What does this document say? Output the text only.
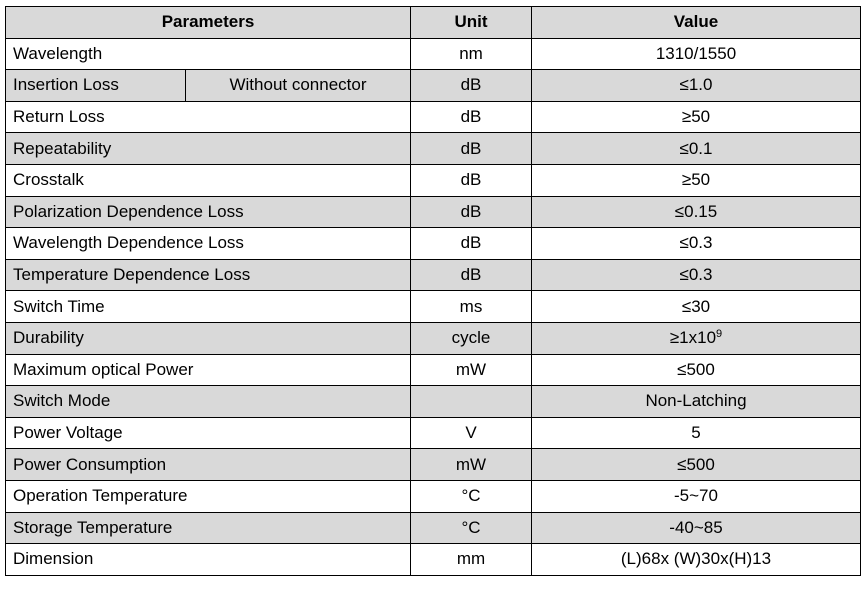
Parameters		Unit	Value
Wavelength		nm	1310/1550
Insertion Loss	Without connector	dB	≤1.0
Return Loss		dB	≥50
Repeatability		dB	≤0.1
Crosstalk		dB	≥50
Polarization Dependence Loss		dB	≤0.15
Wavelength Dependence Loss		dB	≤0.3
Temperature Dependence Loss		dB	≤0.3
Switch Time		ms	≤30
Durability		cycle	$\ge 1x10^9$
Maximum optical Power		mW	≤500
Switch Mode			Non-Latching
Power Voltage		V	5
Power Consumption		mW	≤500
Operation Temperature		°C	-5~70
Storage Temperature		°C	-40~85
Dimension		mm	(L)68x (W)30x(H)13
